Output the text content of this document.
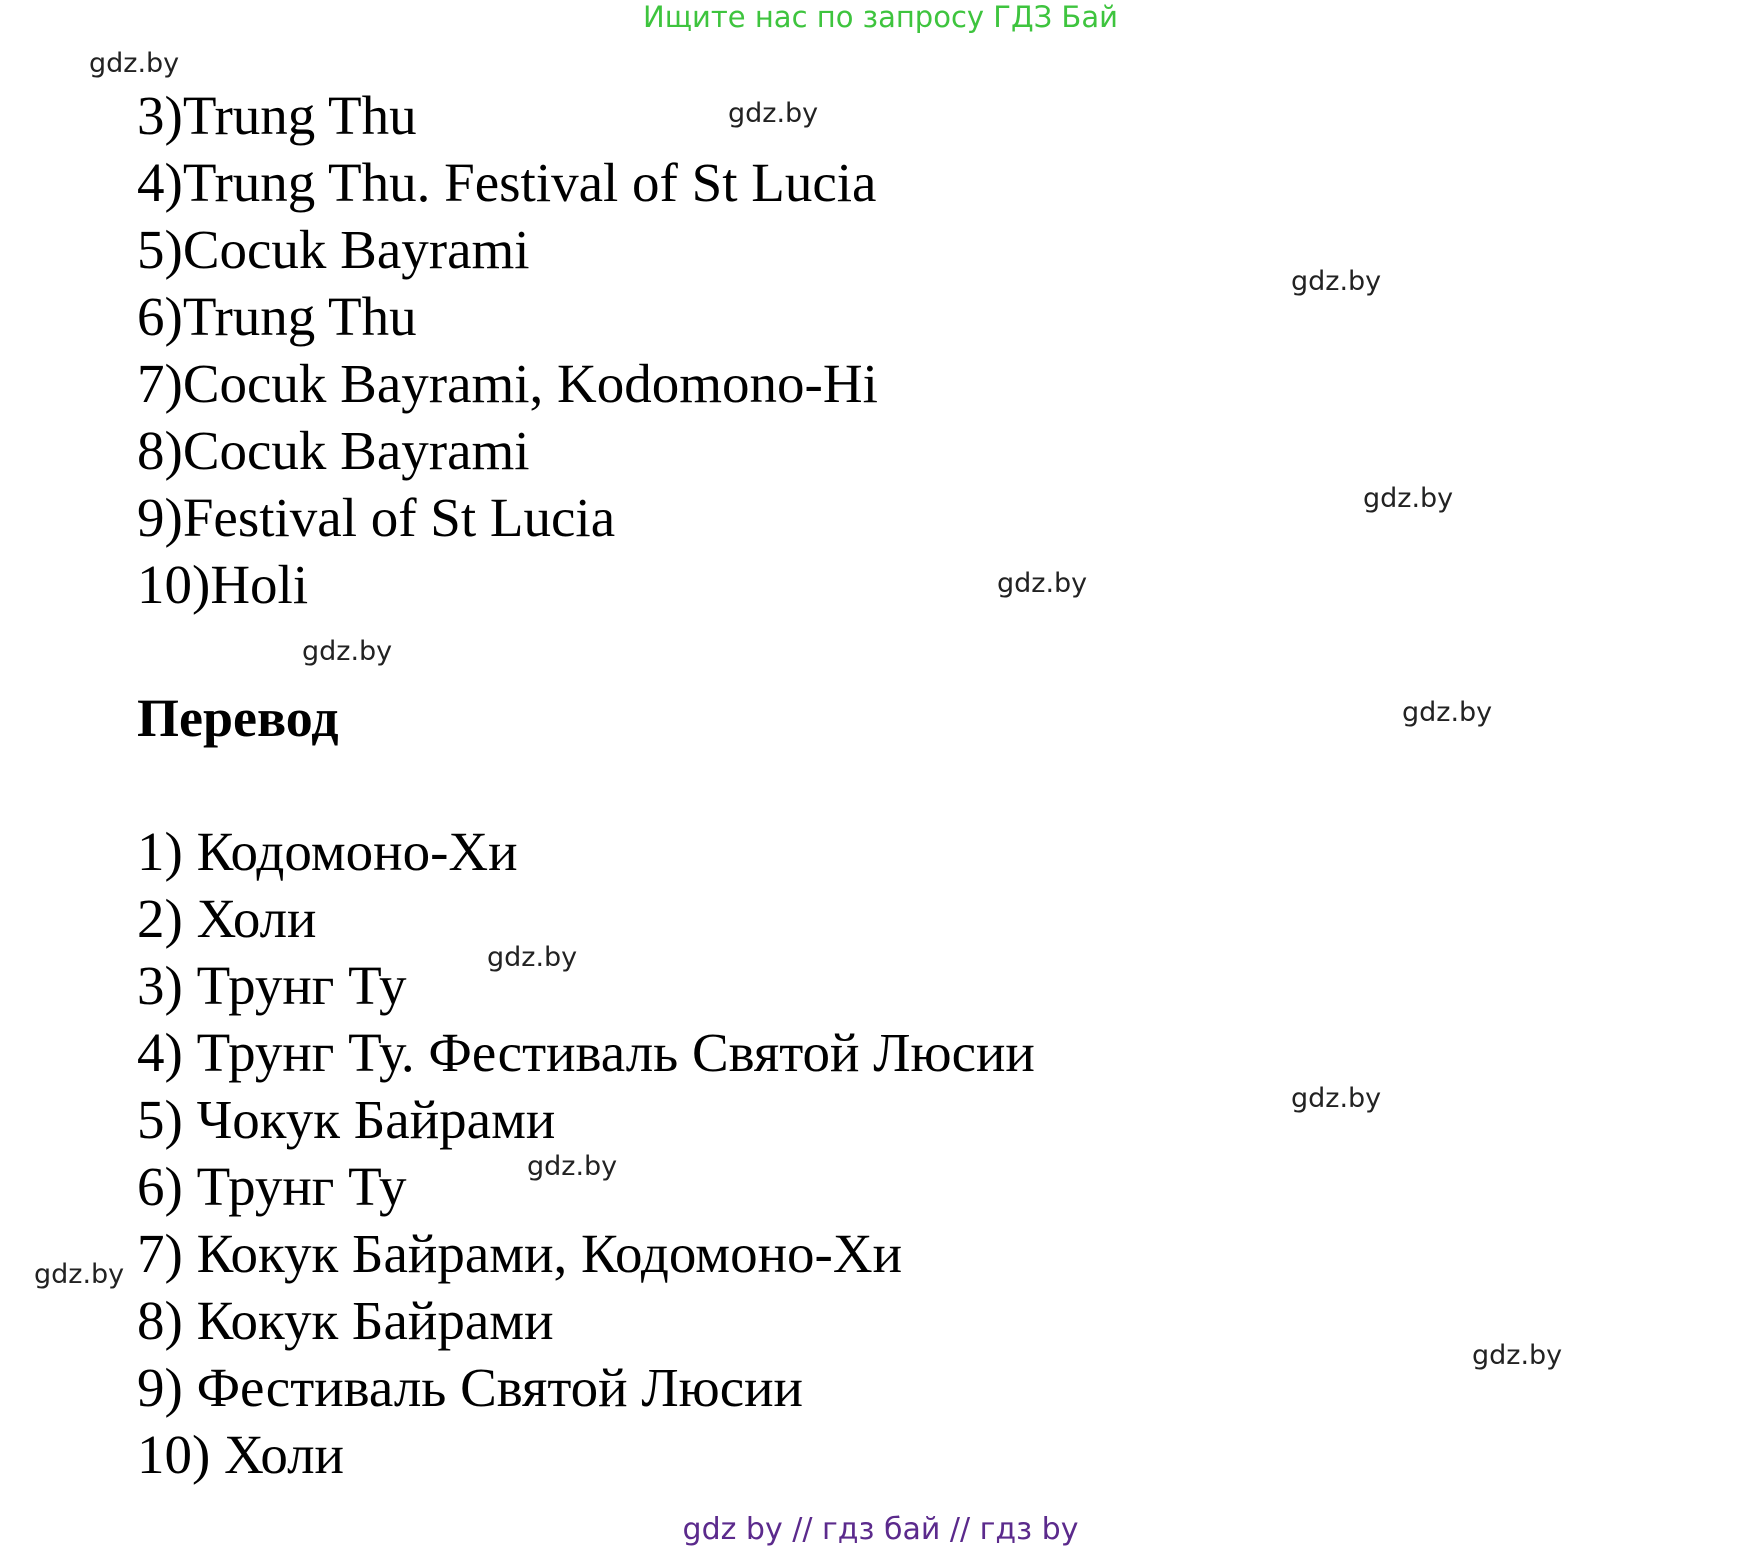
Ищите нас по запросу ГДЗ Бай
3)Trung Thu
4)Trung Thu. Festival of St Lucia
5)Cocuk Bayrami
6)Trung Thu
7)Cocuk Bayrami, Kodomono-Hi
8)Cocuk Bayrami
9)Festival of St Lucia
10)Holi
Перевод
1) Кодомоно-Хи
2) Холи
3) Трунг Ту
4) Трунг Ту. Фестиваль Святой Люсии
5) Чокук Байрами
6) Трунг Ту
7) Кокук Байрами, Кодомоно-Хи
8) Кокук Байрами
9) Фестиваль Святой Люсии
10) Холи
gdz.by
gdz.by
gdz.by
gdz.by
gdz.by
gdz.by
gdz.by
gdz.by
gdz.by
gdz.by
gdz.by
gdz.by
gdz by // гдз бай // гдз by
